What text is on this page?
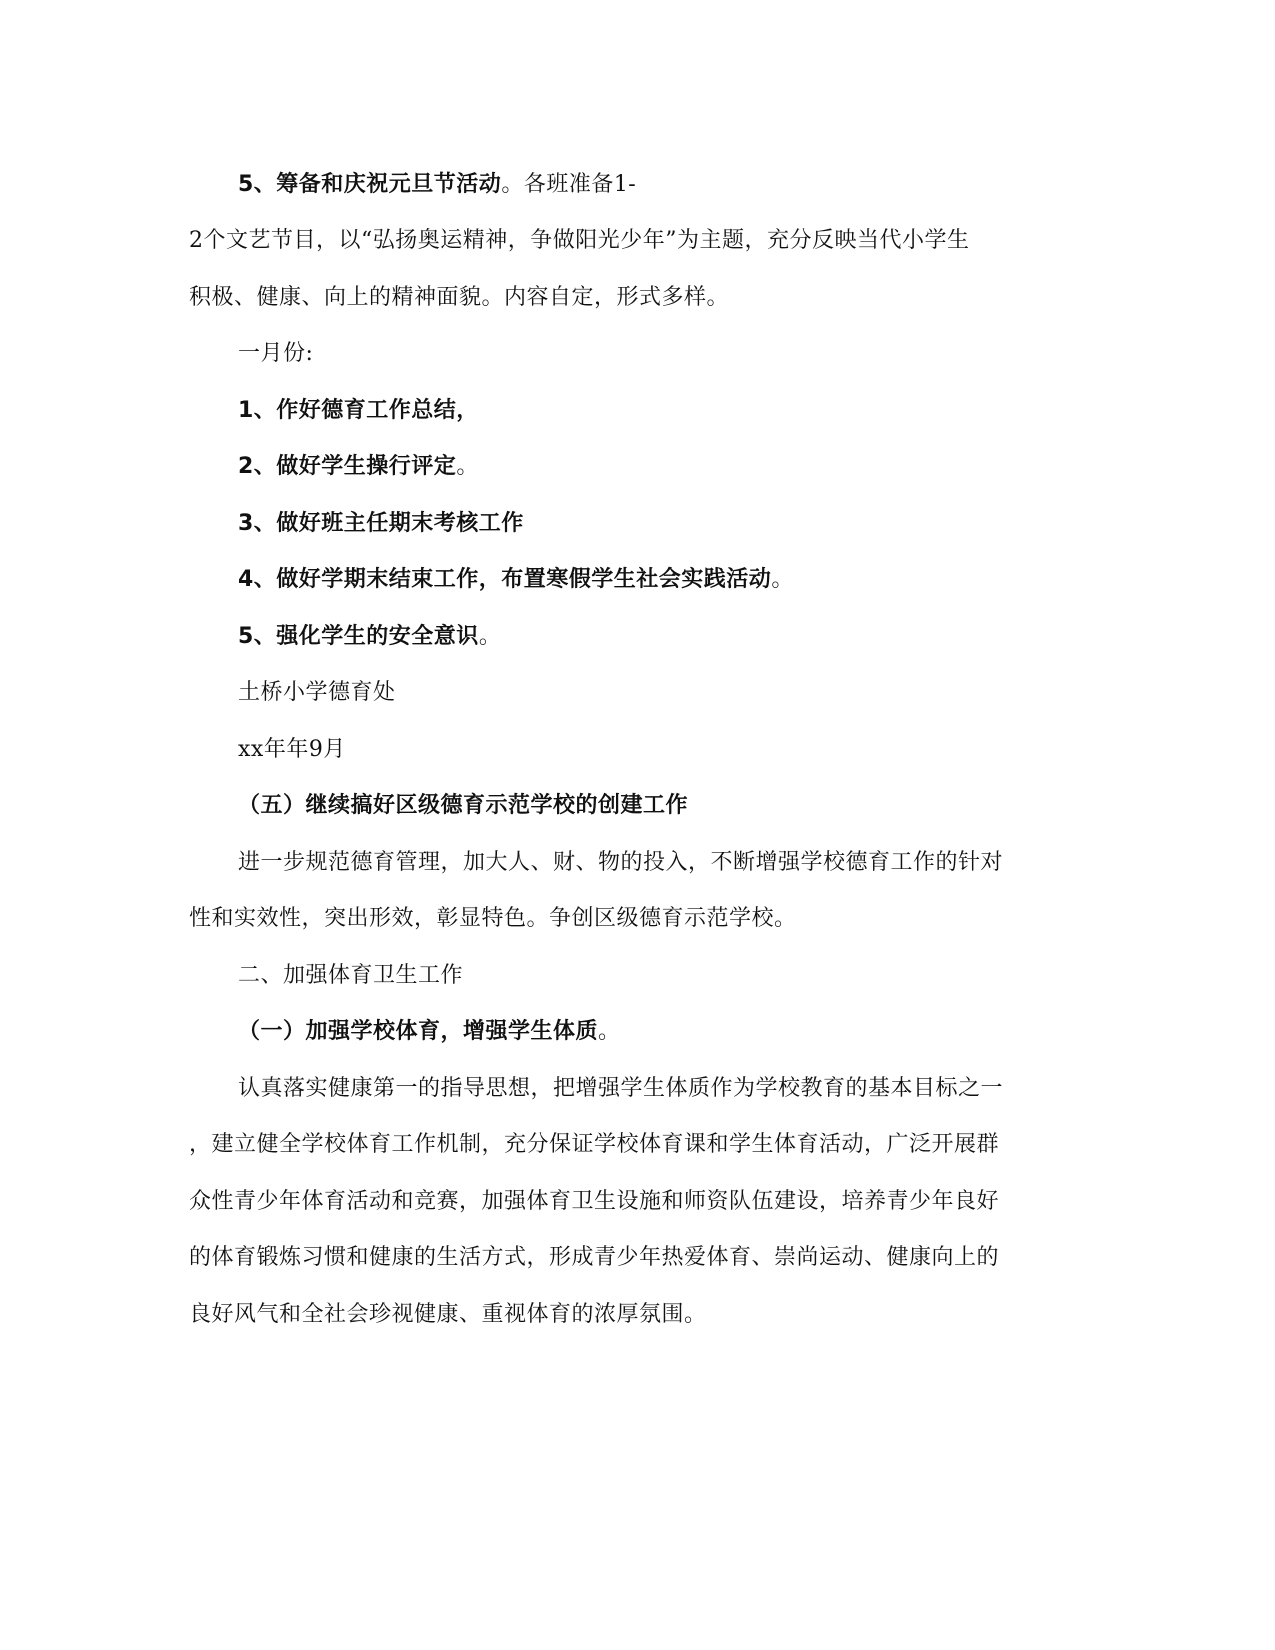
5、筹备和庆祝元旦节活动。各班准备1-
2个文艺节目，以“弘扬奥运精神，争做阳光少年”为主题，充分反映当代小学生
积极、健康、向上的精神面貌。内容自定，形式多样。
一月份:
1、作好德育工作总结，
2、做好学生操行评定。
3、做好班主任期末考核工作
4、做好学期末结束工作，布置寒假学生社会实践活动。
5、强化学生的安全意识。
土桥小学德育处
xx年年9月
（五）继续搞好区级德育示范学校的创建工作
进一步规范德育管理，加大人、财、物的投入，不断增强学校德育工作的针对
性和实效性，突出形效，彰显特色。争创区级德育示范学校。
二、加强体育卫生工作
（一）加强学校体育，增强学生体质。
认真落实健康第一的指导思想，把增强学生体质作为学校教育的基本目标之一
，建立健全学校体育工作机制，充分保证学校体育课和学生体育活动，广泛开展群
众性青少年体育活动和竞赛，加强体育卫生设施和师资队伍建设，培养青少年良好
的体育锻炼习惯和健康的生活方式，形成青少年热爱体育、崇尚运动、健康向上的
良好风气和全社会珍视健康、重视体育的浓厚氛围。
